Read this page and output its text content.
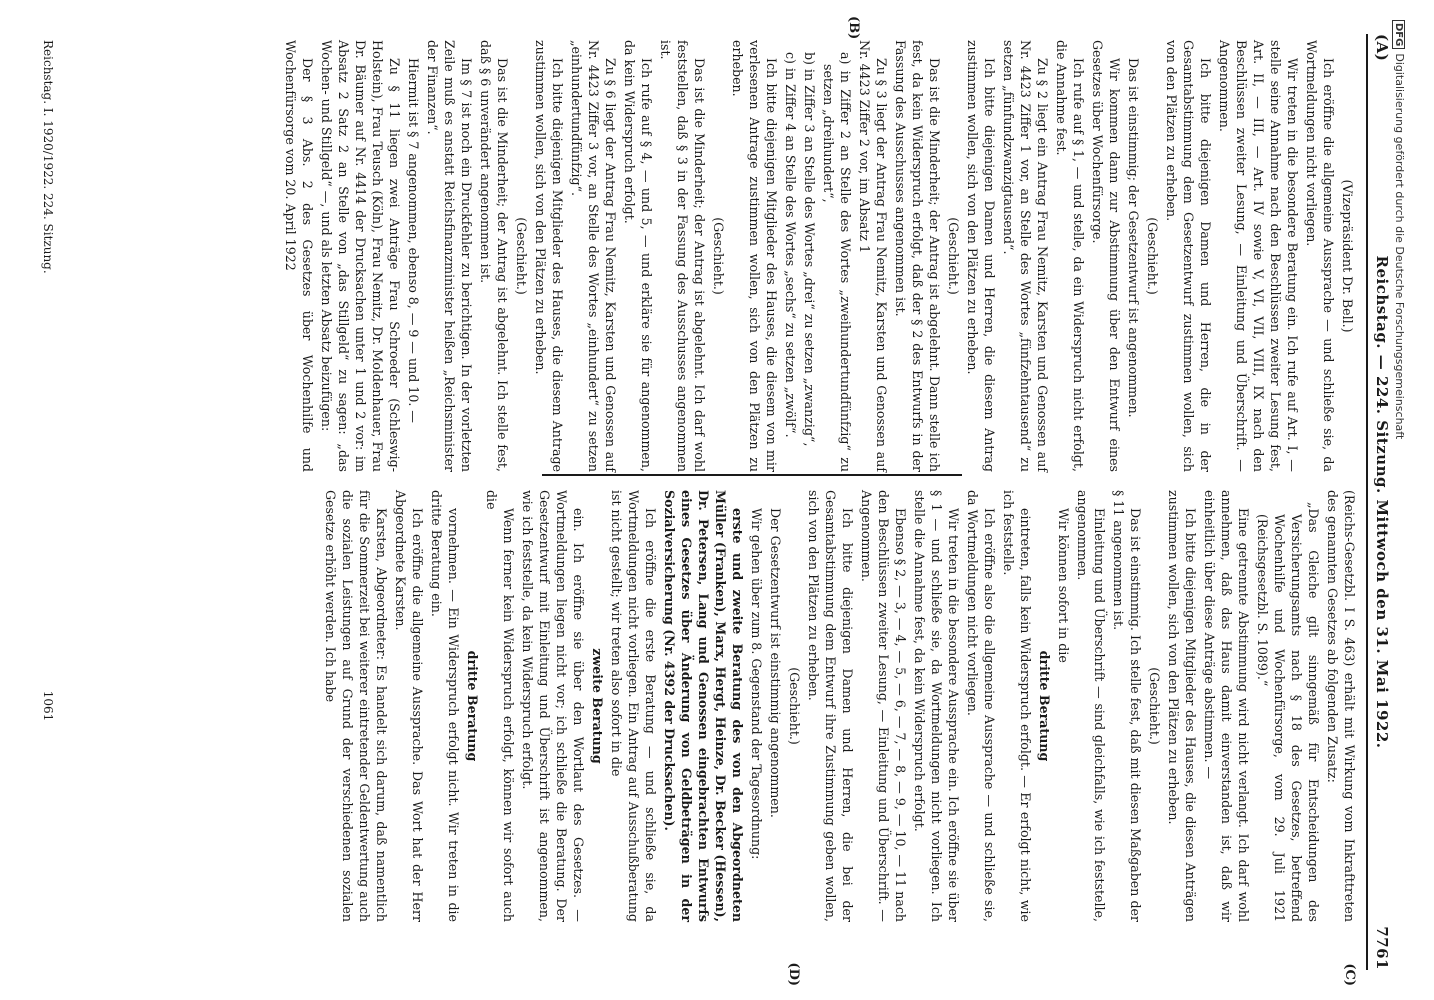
(A)
Reichstag. — 224. Sitzung. Mittwoch den 31. Mai 1922.
7761
(B)
(C)
(D)

(Vizepräsident Dr. Bell.)

Ich eröffne die allgemeine Aussprache — und schließe sie, da Wortmeldungen nicht vorliegen.

Wir treten in die besondere Beratung ein. Ich rufe auf Art. I, — stelle seine Annahme nach den Beschlüssen zweiter Lesung fest, Art. II, — III, — Art. IV sowie V, VI, VII, VIII, IX nach den Beschlüssen zweiter Lesung, — Einleitung und Überschrift. — Angenommen.

Ich bitte diejenigen Damen und Herren, die in der Gesamtabstimmung dem Gesetzentwurf zustimmen wollen, sich von den Plätzen zu erheben.

(Geschieht.)

Das ist einstimmig; der Gesetzentwurf ist angenommen.

Wir kommen dann zur Abstimmung über den Entwurf eines Gesetzes über Wochenfürsorge.

Ich rufe auf § 1, — und stelle, da ein Widerspruch nicht erfolgt, die Annahme fest.

Zu § 2 liegt ein Antrag Frau Nemitz, Karsten und Genossen auf Nr. 4423 Ziffer 1 vor, an Stelle des Wortes „fünfzehntausend“ zu setzen „fünfundzwanzigtausend“.

Ich bitte diejenigen Damen und Herren, die diesem Antrag zustimmen wollen, sich von den Plätzen zu erheben.

(Geschieht.)

Das ist die Minderheit; der Antrag ist abgelehnt. Dann stelle ich fest, da kein Widerspruch erfolgt, daß der § 2 des Entwurfs in der Fassung des Ausschusses angenommen ist.

Zu § 3 liegt der Antrag Frau Nemitz, Karsten und Genossen auf Nr. 4423 Ziffer 2 vor, im Absatz 1

a) in Ziffer 2 an Stelle des Wortes „zweihundertundfünfzig“ zu setzen „dreihundert“,

b) in Ziffer 3 an Stelle des Wortes „drei“ zu setzen „zwanzig“,

c) in Ziffer 4 an Stelle des Wortes „sechs“ zu setzen „zwölf“.

Ich bitte diejenigen Mitglieder des Hauses, die diesem von mir verlesenen Antrage zustimmen wollen, sich von den Plätzen zu erheben.

(Geschieht.)

Das ist die Minderheit; der Antrag ist abgelehnt. Ich darf wohl feststellen, daß § 3 in der Fassung des Ausschusses angenommen ist.

Ich rufe auf § 4, — und 5, — und erkläre sie für angenommen, da kein Widerspruch erfolgt.

Zu § 6 liegt der Antrag Frau Nemitz, Karsten und Genossen auf Nr. 4423 Ziffer 3 vor, an Stelle des Wortes „einhundert“ zu setzen „einhundertundfünfzig“.

Ich bitte diejenigen Mitglieder des Hauses, die diesem Antrage zustimmen wollen, sich von den Plätzen zu erheben.

(Geschieht.)

Das ist die Minderheit; der Antrag ist abgelehnt. Ich stelle fest, daß § 6 unverändert angenommen ist.

Im § 7 ist noch ein Druckfehler zu berichtigen. In der vorletzten Zeile muß es anstatt Reichsfinanzminister heißen „Reichsminister der Finanzen“.

Hiermit ist § 7 angenommen, ebenso 8, — 9 — und 10. —

Zu § 11 liegen zwei Anträge Frau Schroeder (Schleswig-Holstein), Frau Teusch (Köln), Frau Nemitz, Dr. Moldenhauer, Frau Dr. Bäumer auf Nr. 4414 der Drucksachen unter 1 und 2 vor: im Absatz 2 Satz 2 an Stelle von „das Stillgeld“ zu sagen: „das Wochen- und Stillgeld“ —, und als letzten Absatz beizufügen:

Der § 3 Abs. 2 des Gesetzes über Wochenhilfe und Wochenfürsorge vom 20. April 1922

(Reichs-Gesetzbl. I S. 463) erhält mit Wirkung vom Inkrafttreten des genannten Gesetzes ab folgenden Zusatz:

„Das Gleiche gilt sinngemäß für Entscheidungen des Versicherungsamts nach § 18 des Gesetzes, betreffend Wochenhilfe und Wochenfürsorge, vom 29. Juli 1921 (Reichsgesetzbl. S. 1089).“

Eine getrennte Abstimmung wird nicht verlangt. Ich darf wohl annehmen, daß das Haus damit einverstanden ist, daß wir einheitlich über diese Anträge abstimmen. —

Ich bitte diejenigen Mitglieder des Hauses, die diesen Anträgen zustimmen wollen, sich von den Plätzen zu erheben.

(Geschieht.)

Das ist einstimmig. Ich stelle fest, daß mit diesen Maßgaben der § 11 angenommen ist.

Einleitung und Überschrift — sind gleichfalls, wie ich feststelle, angenommen.

Wir können sofort in die

dritte Beratung

eintreten, falls kein Widerspruch erfolgt. — Er erfolgt nicht, wie ich feststelle.

Ich eröffne also die allgemeine Aussprache — und schließe sie, da Wortmeldungen nicht vorliegen.

Wir treten in die besondere Aussprache ein. Ich eröffne sie über § 1 — und schließe sie, da Wortmeldungen nicht vorliegen. Ich stelle die Annahme fest, da kein Widerspruch erfolgt.

Ebenso § 2, — 3, — 4, — 5, — 6, — 7, — 8, — 9, — 10, — 11 nach den Beschlüssen zweiter Lesung, — Einleitung und Überschrift. — Angenommen.

Ich bitte diejenigen Damen und Herren, die bei der Gesamtabstimmung dem Entwurf ihre Zustimmung geben wollen, sich von den Plätzen zu erheben.

(Geschieht.)

Der Gesetzentwurf ist einstimmig angenommen.

Wir gehen über zum 8. Gegenstand der Tagesordnung:

erste und zweite Beratung des von den Abgeordneten Müller (Franken), Marx, Hergt, Heinze, Dr. Becker (Hessen), Dr. Petersen, Lang und Genossen eingebrachten Entwurfs eines Gesetzes über Änderung von Geldbeträgen in der Sozialversicherung (Nr. 4392 der Drucksachen).

Ich eröffne die erste Beratung — und schließe sie, da Wortmeldungen nicht vorliegen. Ein Antrag auf Ausschußberatung ist nicht gestellt; wir treten also sofort in die

zweite Beratung

ein. Ich eröffne sie über den Wortlaut des Gesetzes. — Wortmeldungen liegen nicht vor; ich schließe die Beratung. Der Gesetzentwurf mit Einleitung und Überschrift ist angenommen, wie ich feststelle, da kein Widerspruch erfolgt.

Wenn ferner kein Widerspruch erfolgt, können wir sofort auch die

dritte Beratung

vornehmen. — Ein Widerspruch erfolgt nicht. Wir treten in die dritte Beratung ein.

Ich eröffne die allgemeine Aussprache. Das Wort hat der Herr Abgeordnete Karsten.

Karsten, Abgeordneter: Es handelt sich darum, daß namentlich für die Sommerzeit bei weiterer eintretender Geldentwertung auch die sozialen Leistungen auf Grund der verschiedenen sozialen Gesetze erhöht werden. Ich habe

Reichstag. I. 1920/1922. 224. Sitzung.
1061
DFGDigitalisierung gefördert durch die Deutsche Forschungsgemeinschaft
